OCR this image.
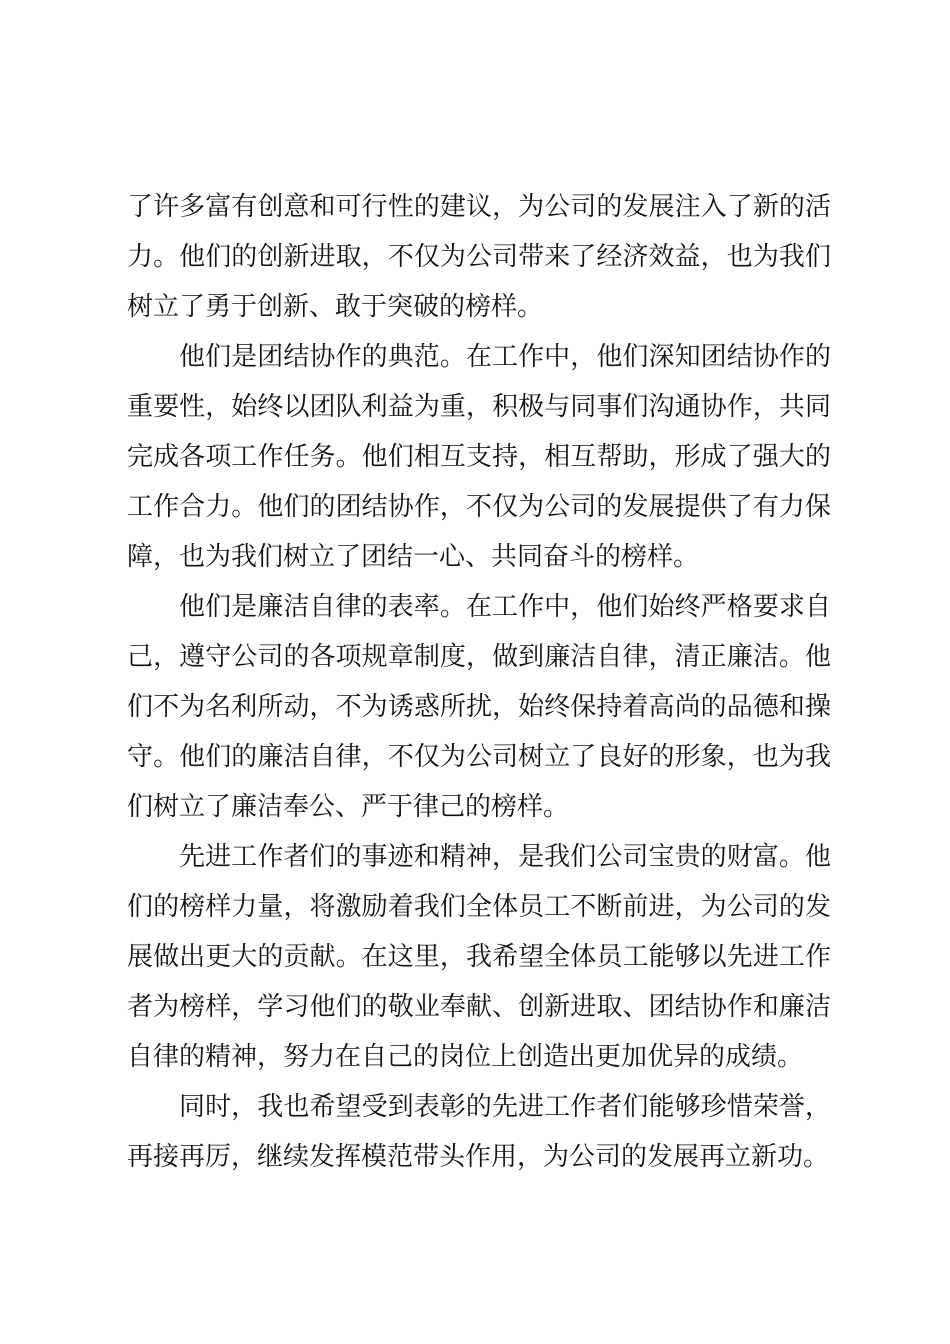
了许多富有创意和可行性的建议，为公司的发展注入了新的活
力。他们的创新进取，不仅为公司带来了经济效益，也为我们
树立了勇于创新、敢于突破的榜样。
他们是团结协作的典范。在工作中，他们深知团结协作的
重要性，始终以团队利益为重，积极与同事们沟通协作，共同
完成各项工作任务。他们相互支持，相互帮助，形成了强大的
工作合力。他们的团结协作，不仅为公司的发展提供了有力保
障，也为我们树立了团结一心、共同奋斗的榜样。
他们是廉洁自律的表率。在工作中，他们始终严格要求自
己，遵守公司的各项规章制度，做到廉洁自律，清正廉洁。他
们不为名利所动，不为诱惑所扰，始终保持着高尚的品德和操
守。他们的廉洁自律，不仅为公司树立了良好的形象，也为我
们树立了廉洁奉公、严于律己的榜样。
先进工作者们的事迹和精神，是我们公司宝贵的财富。他
们的榜样力量，将激励着我们全体员工不断前进，为公司的发
展做出更大的贡献。在这里，我希望全体员工能够以先进工作
者为榜样，学习他们的敬业奉献、创新进取、团结协作和廉洁
自律的精神，努力在自己的岗位上创造出更加优异的成绩。
同时，我也希望受到表彰的先进工作者们能够珍惜荣誉，
再接再厉，继续发挥模范带头作用，为公司的发展再立新功。
